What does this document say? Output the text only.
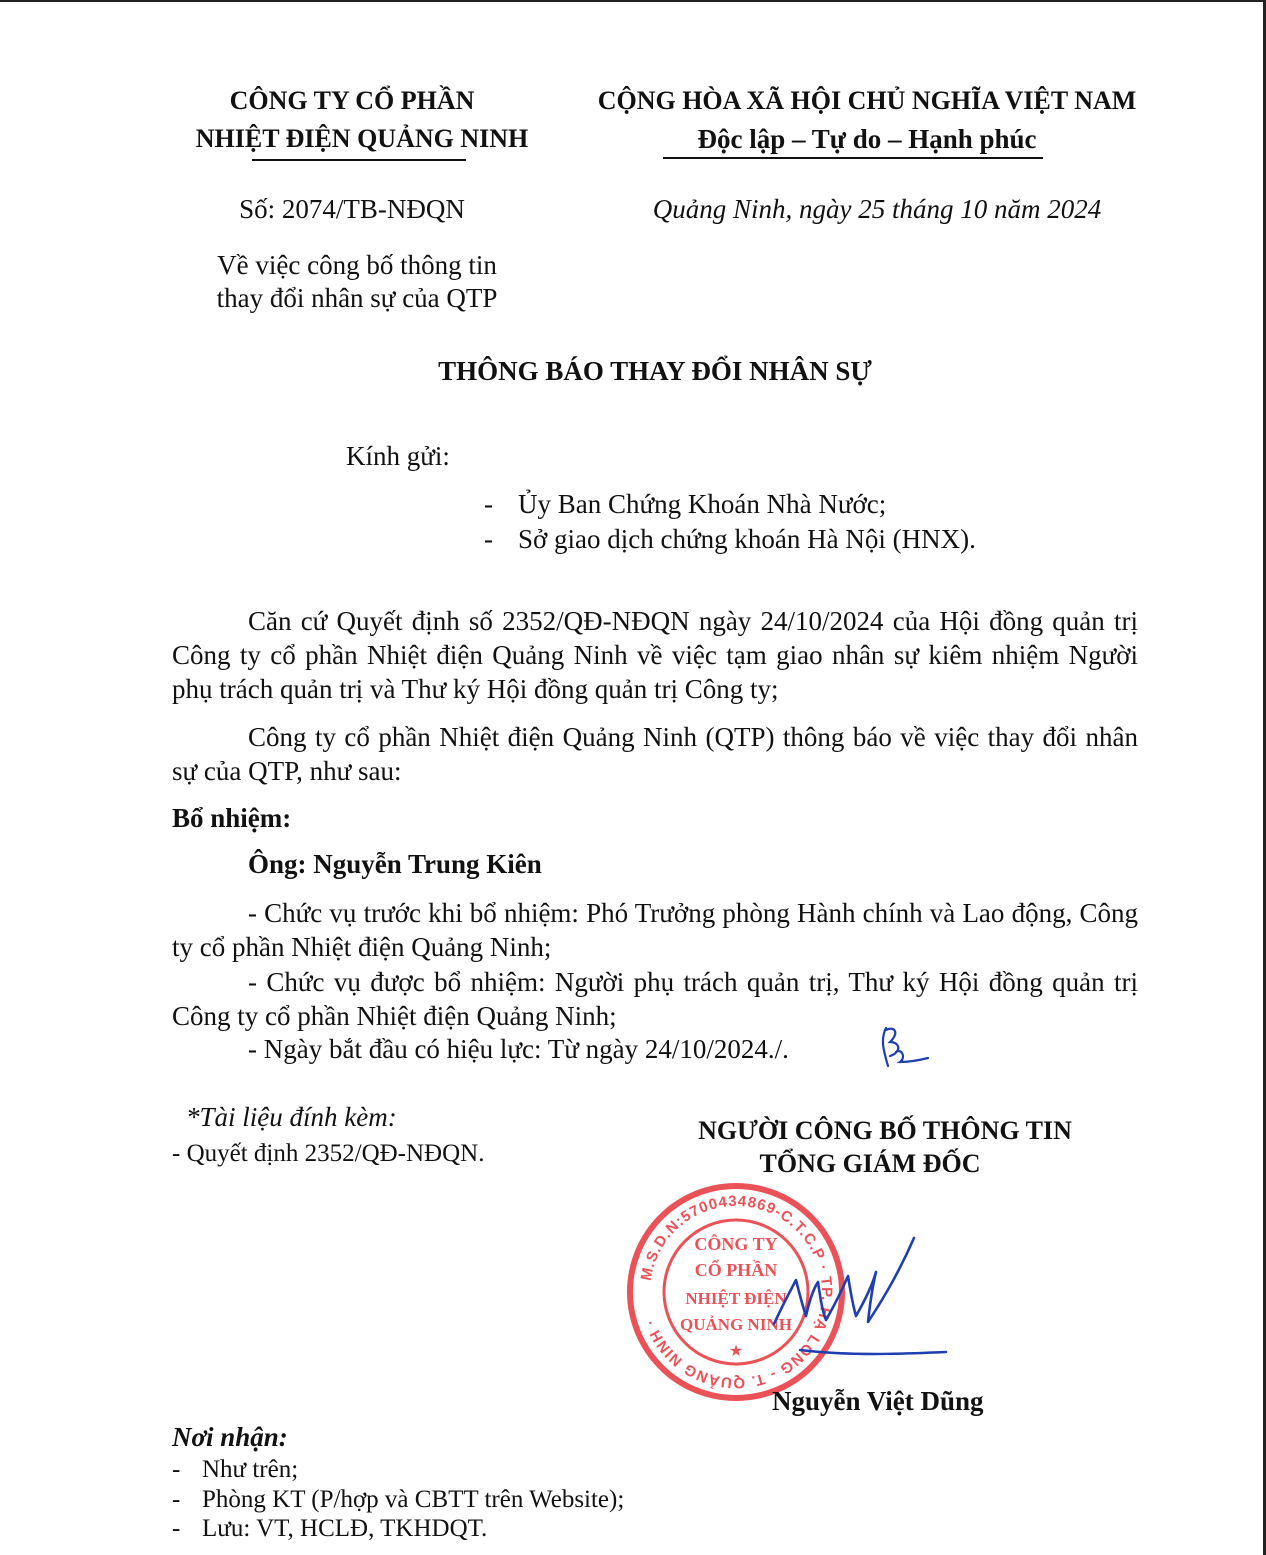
CÔNG TY CỔ PHẦN
NHIỆT ĐIỆN QUẢNG NINH
Số: 2074/TB-NĐQN
Về việc công bố thông tin
thay đổi nhân sự của QTP
CỘNG HÒA XÃ HỘI CHỦ NGHĨA VIỆT NAM
Độc lập – Tự do – Hạnh phúc
Quảng Ninh, ngày 25 tháng 10 năm 2024
THÔNG BÁO THAY ĐỔI NHÂN SỰ
Kính gửi:
- Ủy Ban Chứng Khoán Nhà Nước;
- Sở giao dịch chứng khoán Hà Nội (HNX).
Căn cứ Quyết định số 2352/QĐ-NĐQN ngày 24/10/2024 của Hội đồng quản trị Công ty cổ phần Nhiệt điện Quảng Ninh về việc tạm giao nhân sự kiêm nhiệm Người phụ trách quản trị và Thư ký Hội đồng quản trị Công ty;
Công ty cổ phần Nhiệt điện Quảng Ninh (QTP) thông báo về việc thay đổi nhân sự của QTP, như sau:
Bổ nhiệm:
Ông: Nguyễn Trung Kiên
- Chức vụ trước khi bổ nhiệm: Phó Trưởng phòng Hành chính và Lao động, Công ty cổ phần Nhiệt điện Quảng Ninh;
- Chức vụ được bổ nhiệm: Người phụ trách quản trị, Thư ký Hội đồng quản trị Công ty cổ phần Nhiệt điện Quảng Ninh;
- Ngày bắt đầu có hiệu lực: Từ ngày 24/10/2024./.
*Tài liệu đính kèm:
- Quyết định 2352/QĐ-NĐQN.
NGƯỜI CÔNG BỐ THÔNG TIN
TỔNG GIÁM ĐỐC
M.S.D.N:5700434869-C.T.C.P · TP. HẠ LONG - T. QUẢNG NINH ·
CÔNG TY
CỔ PHẦN
NHIỆT ĐIỆN
QUẢNG NINH
★
Nguyễn Việt Dũng
Nơi nhận:
- Như trên;
- Phòng KT (P/hợp và CBTT trên Website);
- Lưu: VT, HCLĐ, TKHDQT.
